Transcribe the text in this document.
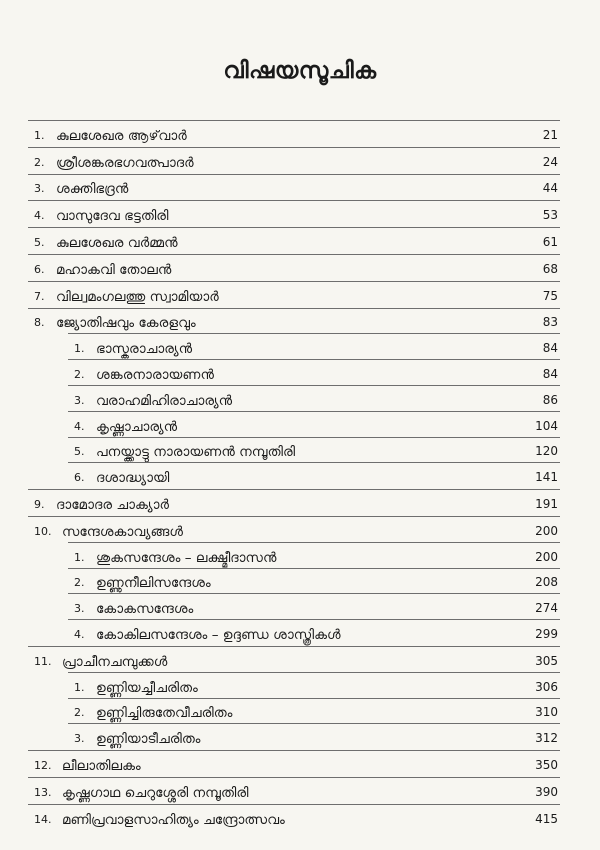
വിഷയസൂചിക
1. കുലശേഖര ആഴ്‌വാർ	21
2. ശ്രീശങ്കരഭഗവത്പാദർ	24
3. ശക്തിഭദ്രൻ	44
4. വാസുദേവ ഭട്ടതിരി	53
5. കുലശേഖര വർമ്മൻ	61
6. മഹാകവി തോലൻ	68
7. വില്വമംഗലത്തു സ്വാമിയാർ	75
8. ജ്യോതിഷവും കേരളവും	83
1. ഭാസ്കരാചാര്യൻ	84
2. ശങ്കരനാരായണൻ	84
3. വരാഹമിഹിരാചാര്യൻ	86
4. കൃഷ്ണാചാര്യൻ	104
5. പനയ്ക്കാട്ടു നാരായണൻ നമ്പൂതിരി	120
6. ദശാദ്ധ്യായി	141
9. ദാമോദര ചാക്യാർ	191
10. സന്ദേശകാവ്യങ്ങൾ	200
1. ശുകസന്ദേശം – ലക്ഷ്മീദാസൻ	200
2. ഉണ്ണുനീലിസന്ദേശം	208
3. കോകസന്ദേശം	274
4. കോകിലസന്ദേശം – ഉദ്ദണ്ഡ ശാസ്ത്രികൾ	299
11. പ്രാചീനചമ്പുക്കൾ	305
1. ഉണ്ണിയച്ചീചരിതം	306
2. ഉണ്ണിച്ചിരുതേവീചരിതം	310
3. ഉണ്ണിയാടീചരിതം	312
12. ലീലാതിലകം	350
13. കൃഷ്ണഗാഥ ചെറുശ്ശേരി നമ്പൂതിരി	390
14. മണിപ്രവാളസാഹിത്യം ചന്ദ്രോത്സവം	415
